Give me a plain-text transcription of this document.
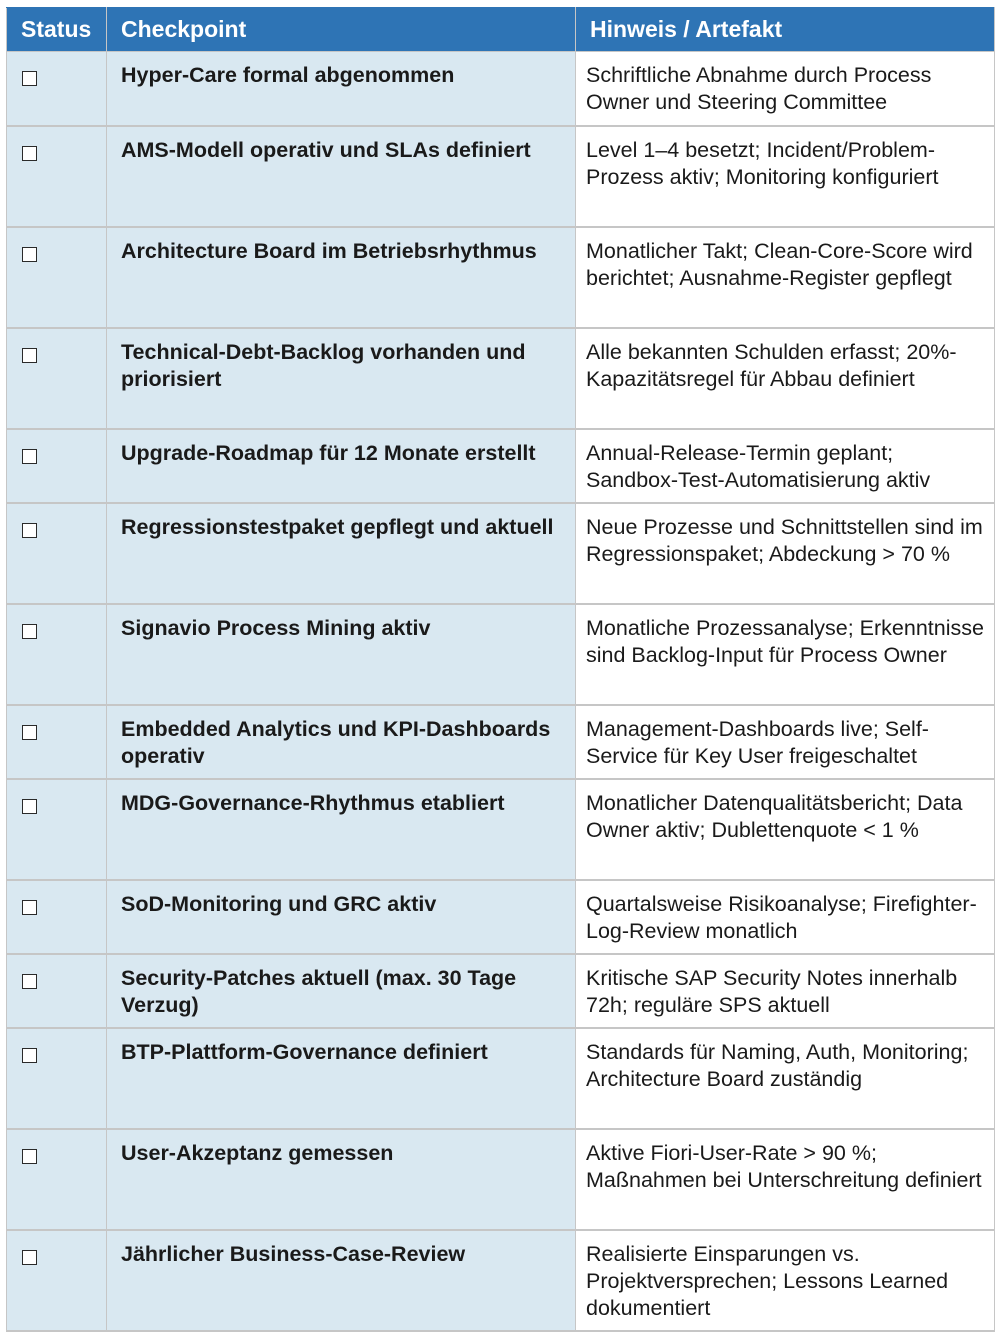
Status	Checkpoint	Hinweis / Artefakt
	Hyper-Care formal abgenommen	Schriftliche Abnahme durch Process Owner und Steering Committee
	AMS-Modell operativ und SLAs definiert	Level 1–4 besetzt; Incident/Problem-Prozess aktiv; Monitoring konfiguriert
	Architecture Board im Betriebsrhythmus	Monatlicher Takt; Clean-Core-Score wird berichtet; Ausnahme-Register gepflegt
	Technical-Debt-Backlog vorhanden und priorisiert	Alle bekannten Schulden erfasst; 20%-Kapazitätsregel für Abbau definiert
	Upgrade-Roadmap für 12 Monate erstellt	Annual-Release-Termin geplant; Sandbox-Test-Automatisierung aktiv
	Regressionstestpaket gepflegt und aktuell	Neue Prozesse und Schnittstellen sind im Regressionspaket; Abdeckung > 70 %
	Signavio Process Mining aktiv	Monatliche Prozessanalyse; Erkenntnisse sind Backlog-Input für Process Owner
	Embedded Analytics und KPI-Dashboards operativ	Management-Dashboards live; Self-Service für Key User freigeschaltet
	MDG-Governance-Rhythmus etabliert	Monatlicher Datenqualitätsbericht; Data Owner aktiv; Dublettenquote < 1 %
	SoD-Monitoring und GRC aktiv	Quartalsweise Risikoanalyse; Firefighter-Log-Review monatlich
	Security-Patches aktuell (max. 30 Tage Verzug)	Kritische SAP Security Notes innerhalb 72h; reguläre SPS aktuell
	BTP-Plattform-Governance definiert	Standards für Naming, Auth, Monitoring; Architecture Board zuständig
	User-Akzeptanz gemessen	Aktive Fiori-User-Rate > 90 %; Maßnahmen bei Unterschreitung definiert
	Jährlicher Business-Case-Review	Realisierte Einsparungen vs. Projektversprechen; Lessons Learned dokumentiert
